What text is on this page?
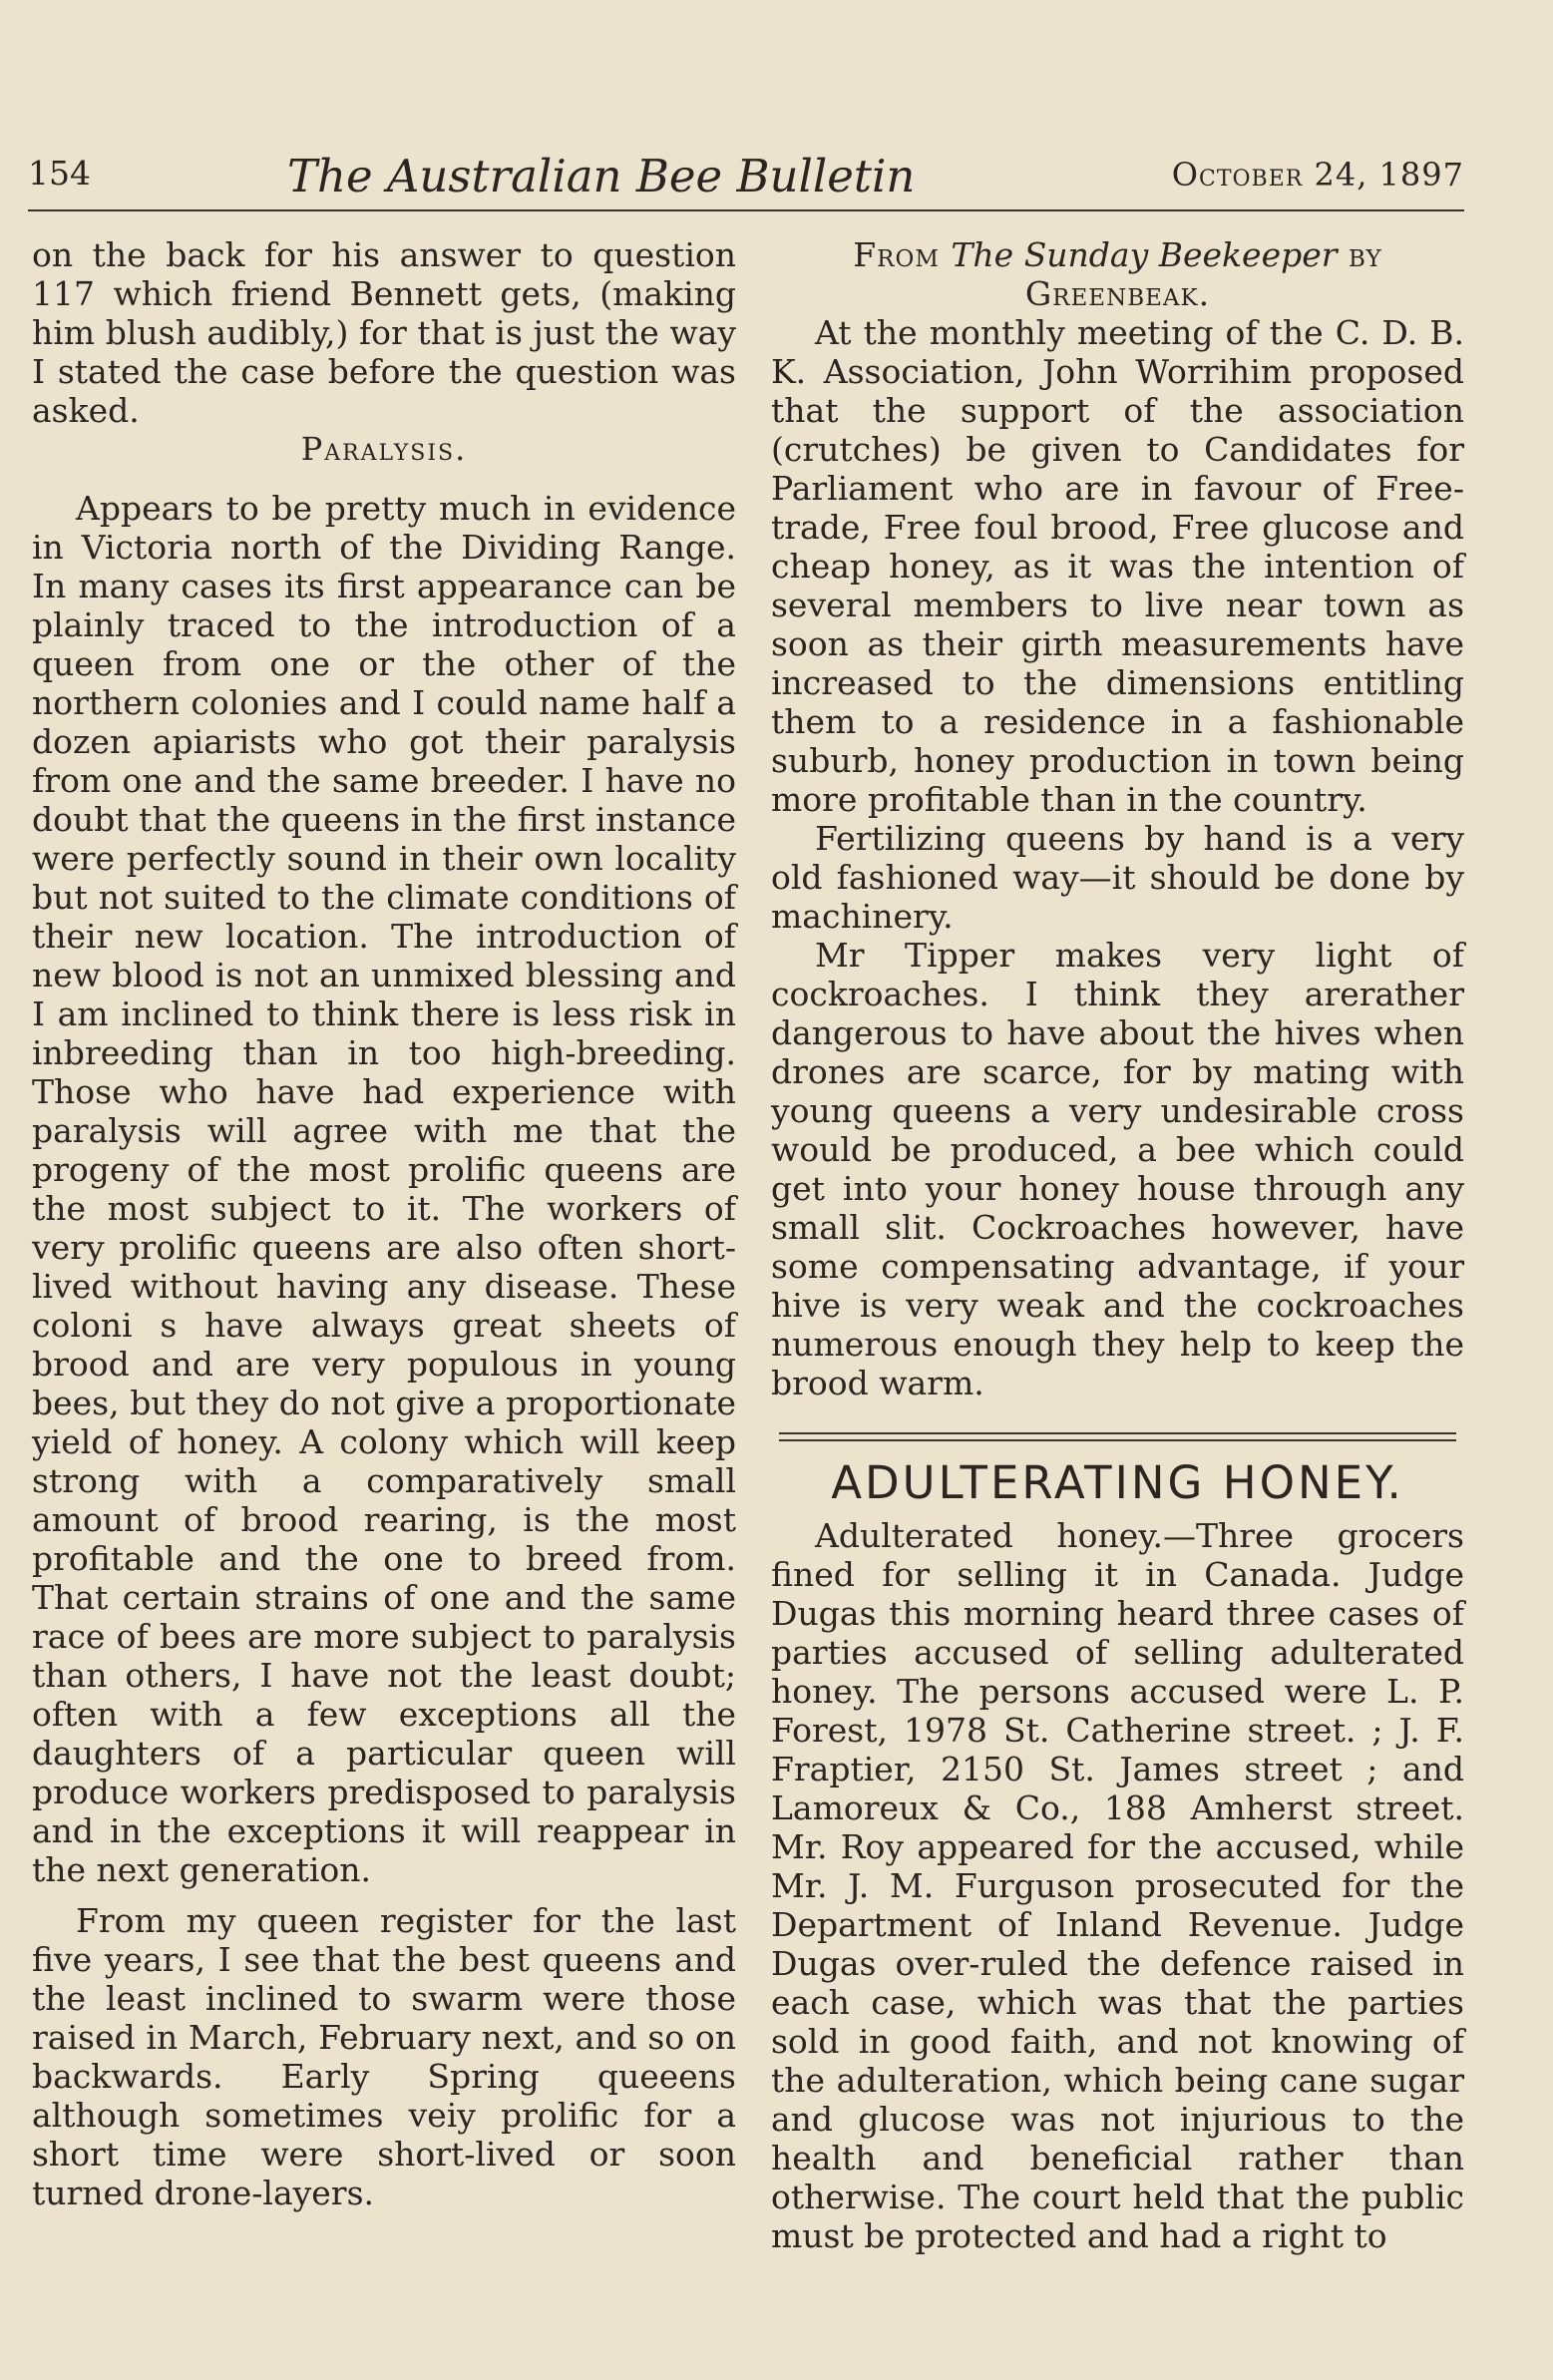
154	The Australian Bee Bulletin	October 24, 1897

on the back for his answer to question 117 which friend Bennett gets, (making him blush audibly,) for that is just the way I stated the case before the question was asked.

Paralysis.

Appears to be pretty much in evidence in Victoria north of the Dividing Range. In many cases its first appearance can be plainly traced to the introduction of a queen from one or the other of the northern colonies and I could name half a dozen apiarists who got their paralysis from one and the same breeder. I have no doubt that the queens in the first instance were perfectly sound in their own locality but not suited to the climate conditions of their new location. The introduction of new blood is not an unmixed blessing and I am inclined to think there is less risk in inbreeding than in too high-breeding. Those who have had experience with paralysis will agree with me that the progeny of the most prolific queens are the most subject to it. The workers of very prolific queens are also often short-lived without having any disease. These coloni s have always great sheets of brood and are very populous in young bees, but they do not give a proportionate yield of honey. A colony which will keep strong with a comparatively small amount of brood rearing, is the most profitable and the one to breed from. That certain strains of one and the same race of bees are more subject to paralysis than others, I have not the least doubt; often with a few exceptions all the daughters of a particular queen will produce workers predisposed to paralysis and in the exceptions it will reappear in the next generation.

From my queen register for the last five years, I see that the best queens and the least inclined to swarm were those raised in March, February next, and so on backwards. Early Spring queeens although sometimes veiy prolific for a short time were short-lived or soon turned drone-layers.

From The Sunday Beekeeper by Greenbeak.

At the monthly meeting of the C. D. B. K. Association, John Worrihim proposed that the support of the association (crutches) be given to Candidates for Parliament who are in favour of Free-trade, Free foul brood, Free glucose and cheap honey, as it was the intention of several members to live near town as soon as their girth measurements have increased to the dimensions entitling them to a residence in a fashionable suburb, honey production in town being more profitable than in the country.

Fertilizing queens by hand is a very old fashioned way—it should be done by machinery.

Mr Tipper makes very light of cockroaches. I think they arerather dangerous to have about the hives when drones are scarce, for by mating with young queens a very undesirable cross would be produced, a bee which could get into your honey house through any small slit. Cockroaches however, have some compensating advantage, if your hive is very weak and the cockroaches numerous enough they help to keep the brood warm.

ADULTERATING HONEY.

Adulterated honey.—Three grocers fined for selling it in Canada. Judge Dugas this morning heard three cases of parties accused of selling adulterated honey. The persons accused were L. P. Forest, 1978 St. Catherine street. ; J. F. Fraptier, 2150 St. James street ; and Lamoreux & Co., 188 Amherst street. Mr. Roy appeared for the accused, while Mr. J. M. Furguson prosecuted for the Department of Inland Revenue. Judge Dugas over-ruled the defence raised in each case, which was that the parties sold in good faith, and not knowing of the adulteration, which being cane sugar and glucose was not injurious to the health and beneficial rather than otherwise. The court held that the public must be protected and had a right to
